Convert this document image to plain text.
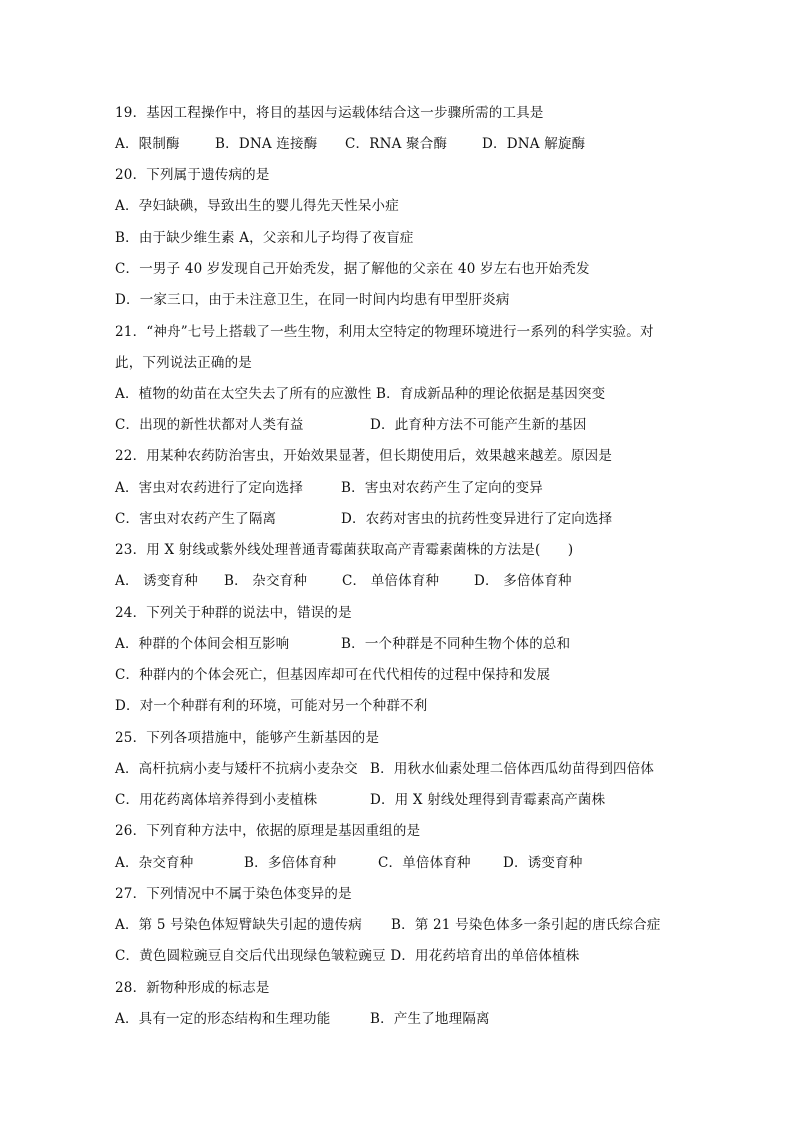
19．基因工程操作中，将目的基因与运载体结合这一步骤所需的工具是
A．限制酶	B．DNA 连接酶 C．RNA 聚合酶	D．DNA 解旋酶
20．下列属于遗传病的是
A．孕妇缺碘，导致出生的婴儿得先天性呆小症
B．由于缺少维生素 A，父亲和儿子均得了夜盲症
C．一男子 40 岁发现自己开始秃发，据了解他的父亲在 40 岁左右也开始秃发
D．一家三口，由于未注意卫生，在同一时间内均患有甲型肝炎病
21．“神舟”七号上搭载了一些生物，利用太空特定的物理环境进行一系列的科学实验。对
此，下列说法正确的是
A．植物的幼苗在太空失去了所有的应激性 B．育成新品种的理论依据是基因突变
C．出现的新性状都对人类有益	D．此育种方法不可能产生新的基因
22．用某种农药防治害虫，开始效果显著，但长期使用后，效果越来越差。原因是
A．害虫对农药进行了定向选择	B．害虫对农药产生了定向的变异
C．害虫对农药产生了隔离	D．农药对害虫的抗药性变异进行了定向选择
23．用 X 射线或紫外线处理普通青霉菌获取高产青霉素菌株的方法是(　　)
A． 诱变育种 B． 杂交育种	C． 单倍体育种	D． 多倍体育种
24．下列关于种群的说法中，错误的是
A．种群的个体间会相互影响	B．一个种群是不同种生物个体的总和
C．种群内的个体会死亡，但基因库却可在代代相传的过程中保持和发展
D．对一个种群有利的环境，可能对另一个种群不利
25．下列各项措施中，能够产生新基因的是
A．高杆抗病小麦与矮杆不抗病小麦杂交 B．用秋水仙素处理二倍体西瓜幼苗得到四倍体
C．用花药离体培养得到小麦植株	D．用 X 射线处理得到青霉素高产菌株
26．下列育种方法中，依据的原理是基因重组的是
A．杂交育种	B．多倍体育种	C．单倍体育种 D．诱变育种
27．下列情况中不属于染色体变异的是
A．第 5 号染色体短臂缺失引起的遗传病 B．第 21 号染色体多一条引起的唐氏综合症
C．黄色圆粒豌豆自交后代出现绿色皱粒豌豆 D．用花药培育出的单倍体植株
28．新物种形成的标志是
A．具有一定的形态结构和生理功能	B．产生了地理隔离
